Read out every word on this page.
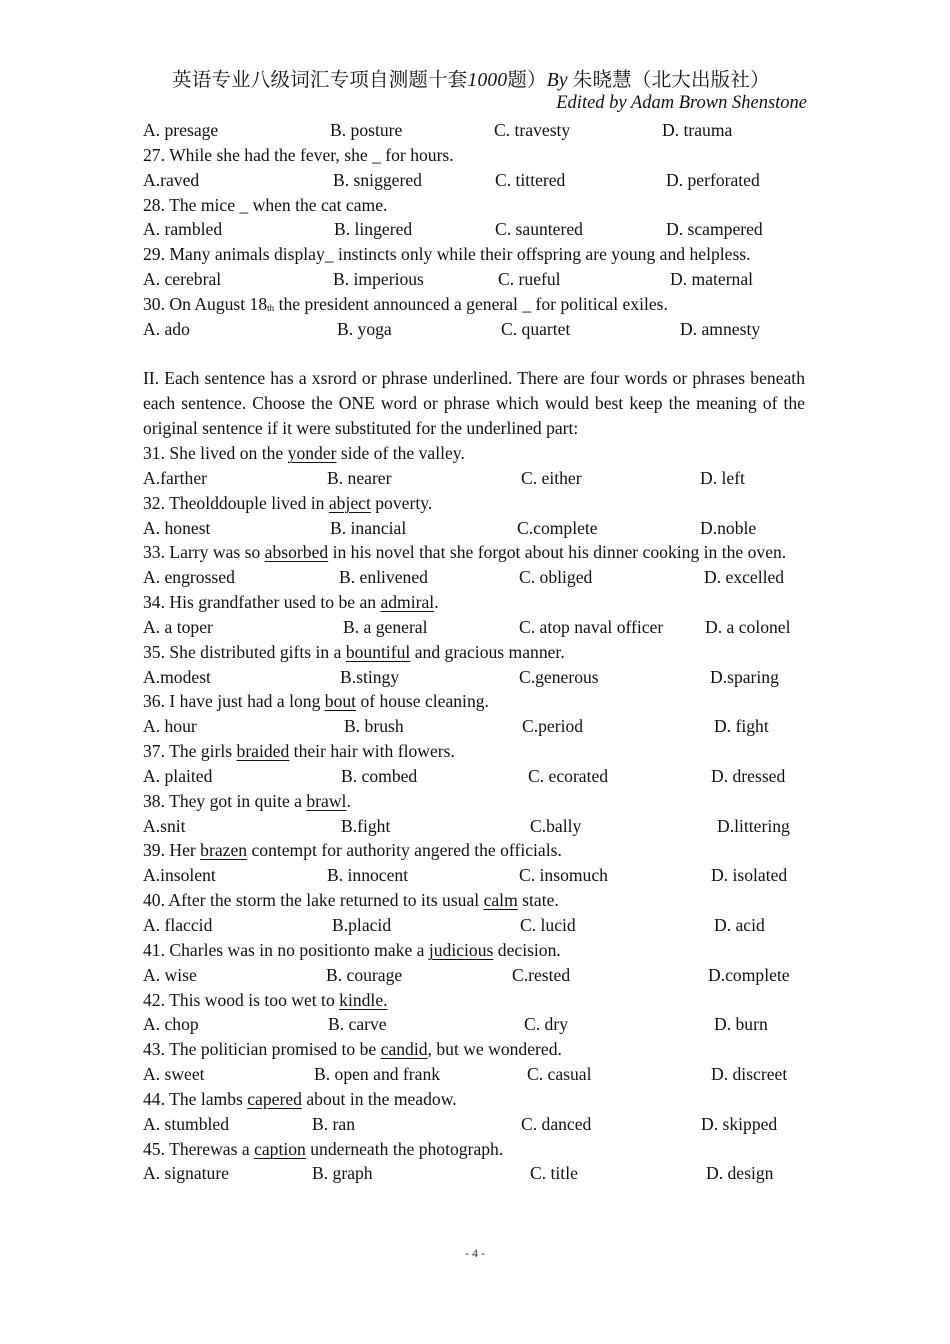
英语专业八级词汇专项自测题十套1000题）By 朱晓慧（北大出版社）
Edited by Adam Brown Shenstone
A. presage	B. posture	C. travesty	D. trauma
27. While she had the fever, she _ for hours.
A.raved	B. sniggered	C. tittered	D. perforated
28. The mice _ when the cat came.
A. rambled	B. lingered	C. sauntered	D. scampered
29. Many animals display_ instincts only while their offspring are young and helpless.
A. cerebral	B. imperious	C. rueful	D. maternal
30. On August $18_{th}$ the president announced a general _ for political exiles.
A. ado	B. yoga	C. quartet	D. amnesty
II. Each sentence has a xsrord or phrase underlined. There are four words or phrases beneath each sentence. Choose the ONE word or phrase which would best keep the meaning of the original sentence if it were substituted for the underlined part:
31. She lived on the yonder side of the valley.
A.farther	B. nearer	C. either	D. left
32. Theolddouple lived in abject poverty.
A. honest	B. inancial	C.complete	D.noble
33. Larry was so absorbed in his novel that she forgot about his dinner cooking in the oven.
A. engrossed	B. enlivened	C. obliged	D. excelled
34. His grandfather used to be an admiral.
A. a toper	B. a general	C. atop naval officer D. a colonel
35. She distributed gifts in a bountiful and gracious manner.
A.modest	B.stingy	C.generous	D.sparing
36. I have just had a long bout of house cleaning.
A. hour	B. brush	C.period	D. fight
37. The girls braided their hair with flowers.
A. plaited	B. combed	C. ecorated	D. dressed
38. They got in quite a brawl.
A.snit	B.fight	C.bally	D.littering
39. Her brazen contempt for authority angered the officials.
A.insolent	B. innocent	C. insomuch	D. isolated
40. After the storm the lake returned to its usual calm state.
A. flaccid	B.placid	C. lucid	D. acid
41. Charles was in no positionto make a judicious decision.
A. wise	B. courage	C.rested	D.complete
42. This wood is too wet to kindle.
A. chop	B. carve	C. dry	D. burn
43. The politician promised to be candid, but we wondered.
A. sweet	B. open and frank	C. casual	D. discreet
44. The lambs capered about in the meadow.
A. stumbled	B. ran	C. danced	D. skipped
45. Therewas a caption underneath the photograph.
A. signature	B. graph	C. title	D. design
- 4 -
